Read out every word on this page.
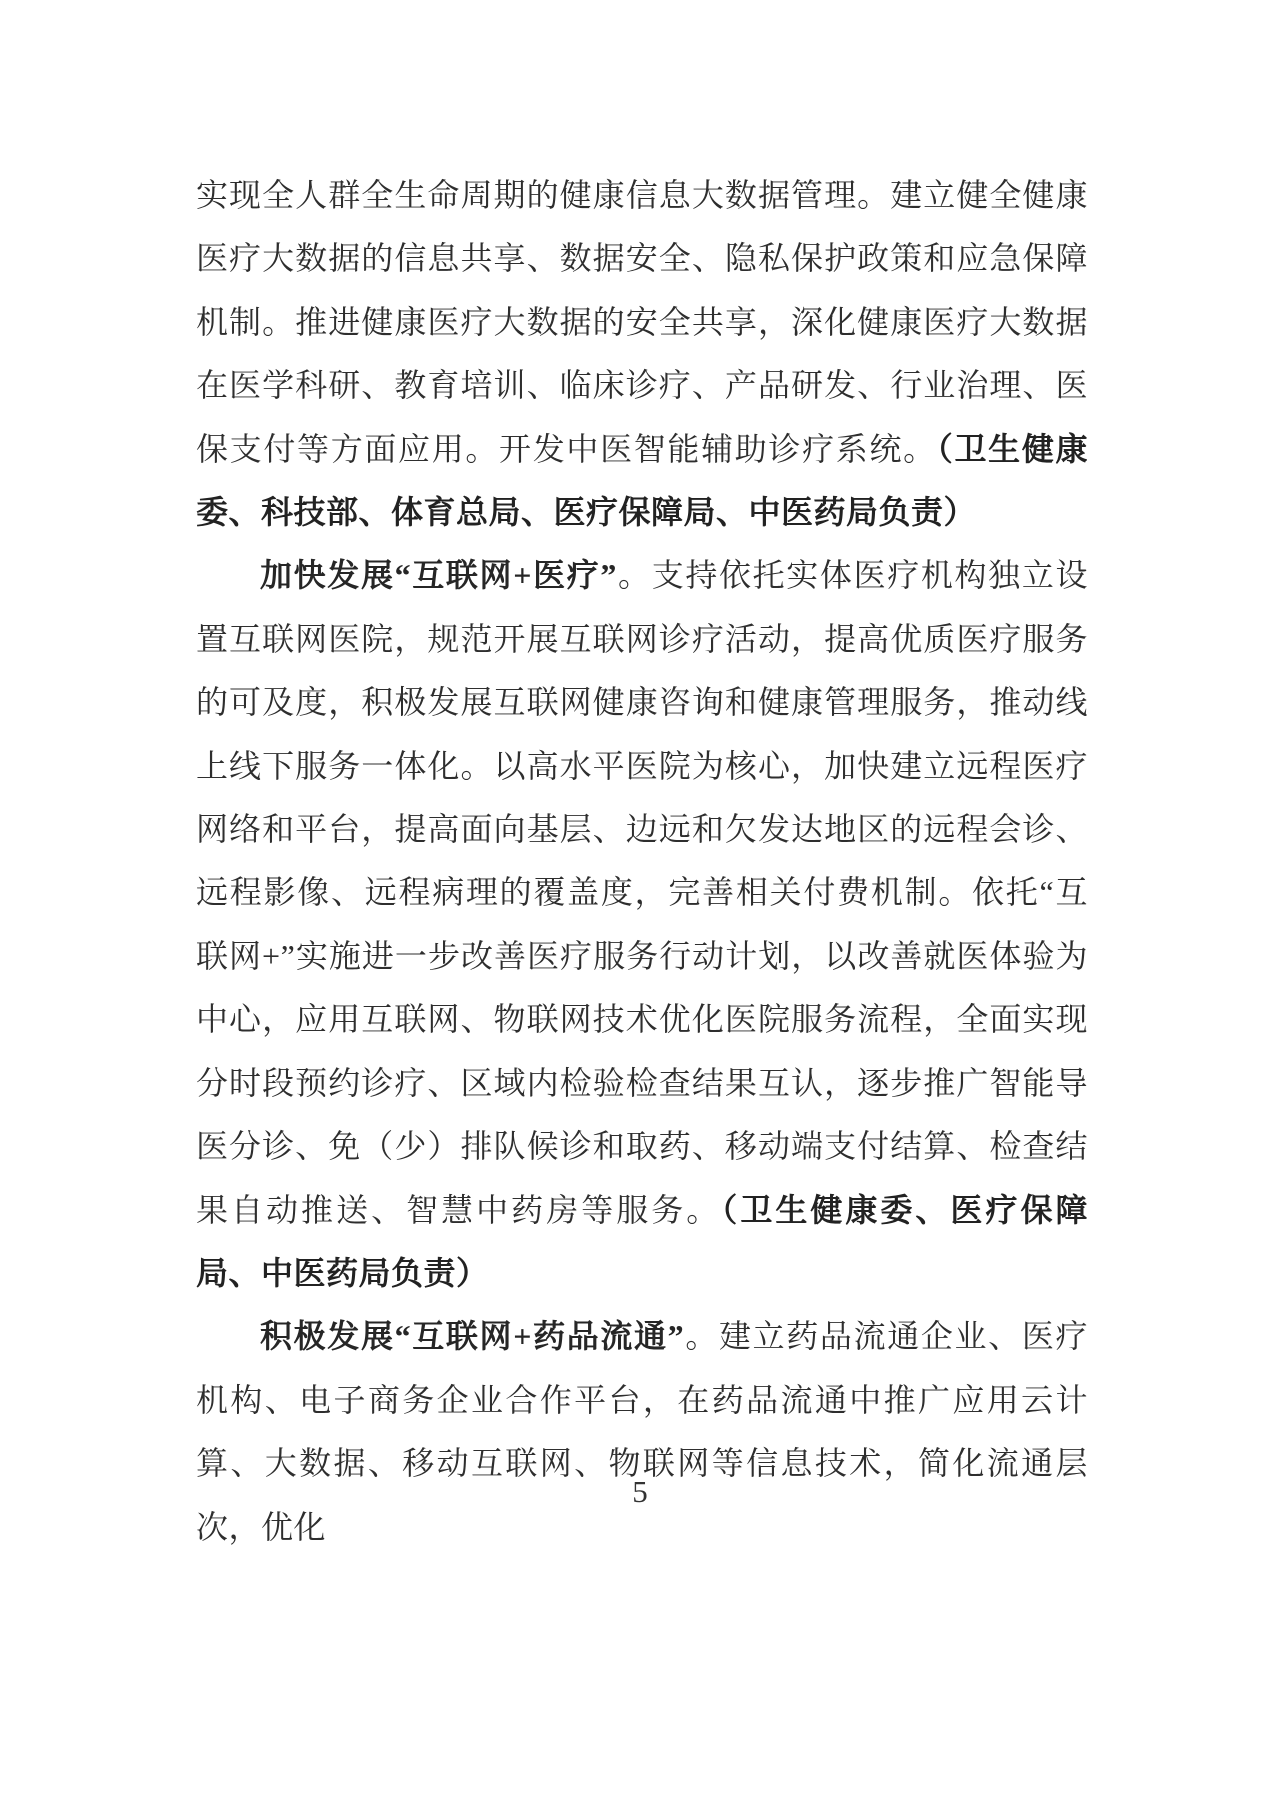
实现全人群全生命周期的健康信息大数据管理。建立健全健康医疗大数据的信息共享、数据安全、隐私保护政策和应急保障机制。推进健康医疗大数据的安全共享，深化健康医疗大数据在医学科研、教育培训、临床诊疗、产品研发、行业治理、医保支付等方面应用。开发中医智能辅助诊疗系统。（卫生健康委、科技部、体育总局、医疗保障局、中医药局负责）

加快发展“互联网+医疗”。支持依托实体医疗机构独立设置互联网医院，规范开展互联网诊疗活动，提高优质医疗服务的可及度，积极发展互联网健康咨询和健康管理服务，推动线上线下服务一体化。以高水平医院为核心，加快建立远程医疗网络和平台，提高面向基层、边远和欠发达地区的远程会诊、远程影像、远程病理的覆盖度，完善相关付费机制。依托“互联网+”实施进一步改善医疗服务行动计划，以改善就医体验为中心，应用互联网、物联网技术优化医院服务流程，全面实现分时段预约诊疗、区域内检验检查结果互认，逐步推广智能导医分诊、免（少）排队候诊和取药、移动端支付结算、检查结果自动推送、智慧中药房等服务。（卫生健康委、医疗保障局、中医药局负责）

积极发展“互联网+药品流通”。建立药品流通企业、医疗机构、电子商务企业合作平台，在药品流通中推广应用云计算、大数据、移动互联网、物联网等信息技术，简化流通层次，优化

5
